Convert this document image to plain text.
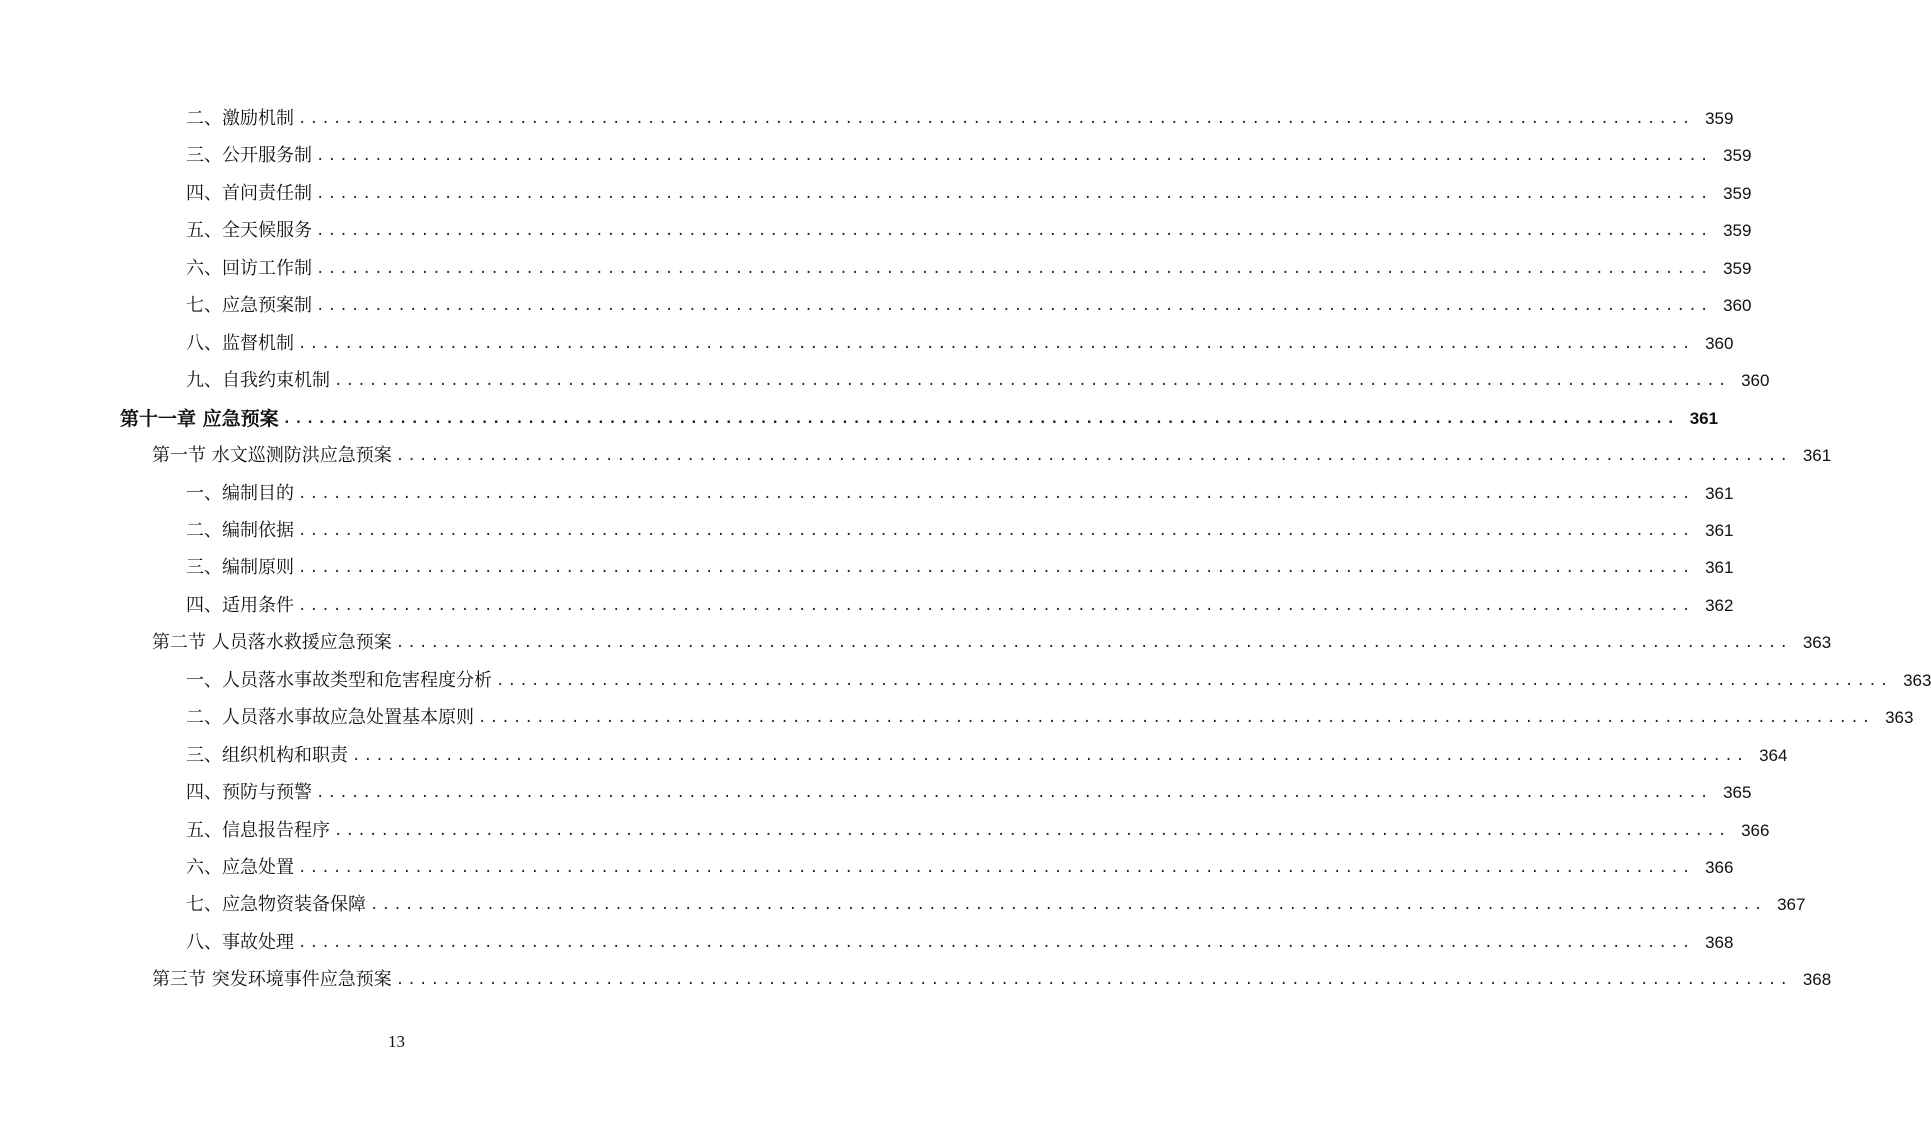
二、激励机制 ........................................................................................................................ 359
三、公开服务制 ........................................................................................................................ 359
四、首问责任制 ........................................................................................................................ 359
五、全天候服务 ........................................................................................................................ 359
六、回访工作制 ........................................................................................................................ 359
七、应急预案制 ........................................................................................................................ 360
八、监督机制 ........................................................................................................................ 360
九、自我约束机制 ........................................................................................................................ 360
第十一章 应急预案 ........................................................................................................................ 361
第一节 水文巡测防洪应急预案 ........................................................................................................................ 361
一、编制目的 ........................................................................................................................ 361
二、编制依据 ........................................................................................................................ 361
三、编制原则 ........................................................................................................................ 361
四、适用条件 ........................................................................................................................ 362
第二节 人员落水救援应急预案 ........................................................................................................................ 363
一、人员落水事故类型和危害程度分析 ........................................................................................................................ 363
二、人员落水事故应急处置基本原则 ........................................................................................................................ 363
三、组织机构和职责 ........................................................................................................................ 364
四、预防与预警 ........................................................................................................................ 365
五、信息报告程序 ........................................................................................................................ 366
六、应急处置 ........................................................................................................................ 366
七、应急物资装备保障 ........................................................................................................................ 367
八、事故处理 ........................................................................................................................ 368
第三节 突发环境事件应急预案 ........................................................................................................................ 368
13
